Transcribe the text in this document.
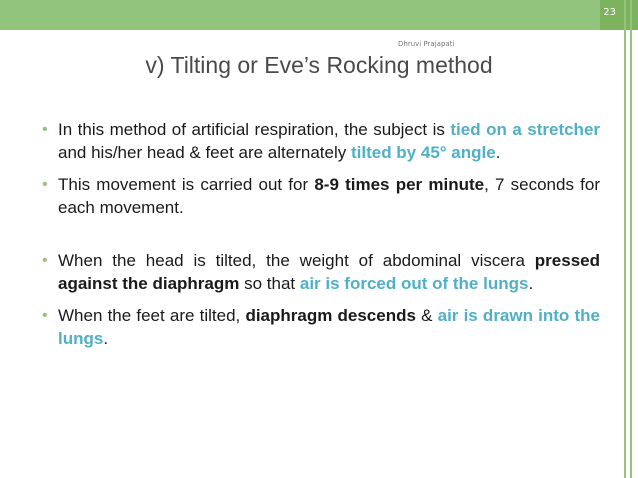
23
Dhruvi Prajapati
v) Tilting or Eve’s Rocking method
• In this method of artificial respiration, the subject is tied on a stretcher and his/her head & feet are alternately tilted by 45° angle.
• This movement is carried out for 8-9 times per minute, 7 seconds for each movement.
• When the head is tilted, the weight of abdominal viscera pressed against the diaphragm so that air is forced out of the lungs.
• When the feet are tilted, diaphragm descends & air is drawn into the lungs.
